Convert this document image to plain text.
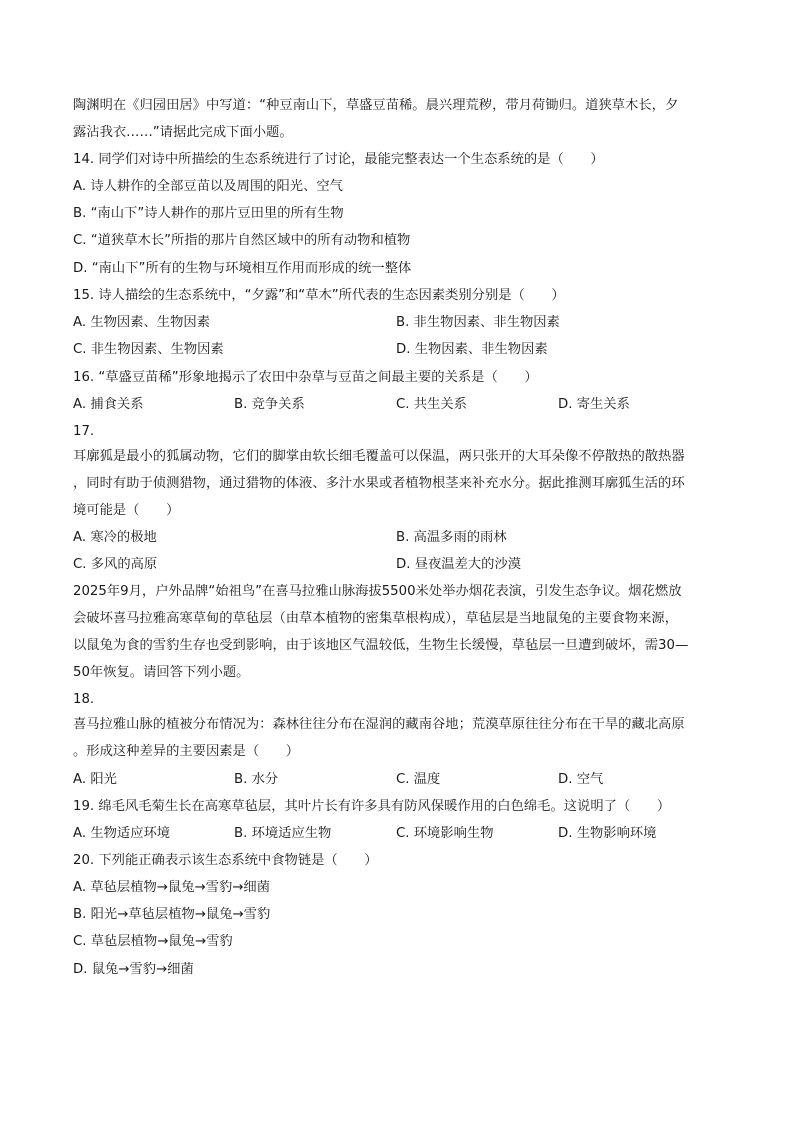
陶渊明在《归园田居》中写道：“种豆南山下，草盛豆苗稀。晨兴理荒秽，带月荷锄归。道狭草木长，夕
露沾我衣……”请据此完成下面小题。
14. 同学们对诗中所描绘的生态系统进行了讨论，最能完整表达一个生态系统的是（　　）
A. 诗人耕作的全部豆苗以及周围的阳光、空气
B. “南山下”诗人耕作的那片豆田里的所有生物
C. “道狭草木长”所指的那片自然区域中的所有动物和植物
D. “南山下”所有的生物与环境相互作用而形成的统一整体
15. 诗人描绘的生态系统中，“夕露”和“草木”所代表的生态因素类别分别是（　　）
A. 生物因素、生物因素	B. 非生物因素、非生物因素
C. 非生物因素、生物因素	D. 生物因素、非生物因素
16. “草盛豆苗稀”形象地揭示了农田中杂草与豆苗之间最主要的关系是（　　）
A. 捕食关系	B. 竞争关系	C. 共生关系	D. 寄生关系
17.
耳廓狐是最小的狐属动物，它们的脚掌由软长细毛覆盖可以保温，两只张开的大耳朵像不停散热的散热器
，同时有助于侦测猎物，通过猎物的体液、多汁水果或者植物根茎来补充水分。据此推测耳廓狐生活的环
境可能是（　　）
A. 寒冷的极地	B. 高温多雨的雨林
C. 多风的高原	D. 昼夜温差大的沙漠
2025年9月，户外品牌“始祖鸟”在喜马拉雅山脉海拔5500米处举办烟花表演，引发生态争议。烟花燃放
会破坏喜马拉雅高寒草甸的草毡层（由草本植物的密集草根构成），草毡层是当地鼠兔的主要食物来源，
以鼠兔为食的雪豹生存也受到影响，由于该地区气温较低，生物生长缓慢，草毡层一旦遭到破坏，需30—
50年恢复。请回答下列小题。
18.
喜马拉雅山脉的植被分布情况为：森林往往分布在湿润的藏南谷地；荒漠草原往往分布在干旱的藏北高原
。形成这种差异的主要因素是（　　）
A. 阳光	B. 水分	C. 温度	D. 空气
19. 绵毛风毛菊生长在高寒草毡层，其叶片长有许多具有防风保暖作用的白色绵毛。这说明了（　　）
A. 生物适应环境	B. 环境适应生物	C. 环境影响生物	D. 生物影响环境
20. 下列能正确表示该生态系统中食物链是（　　）
A. 草毡层植物→鼠兔→雪豹→细菌
B. 阳光→草毡层植物→鼠兔→雪豹
C. 草毡层植物→鼠兔→雪豹
D. 鼠兔→雪豹→细菌
